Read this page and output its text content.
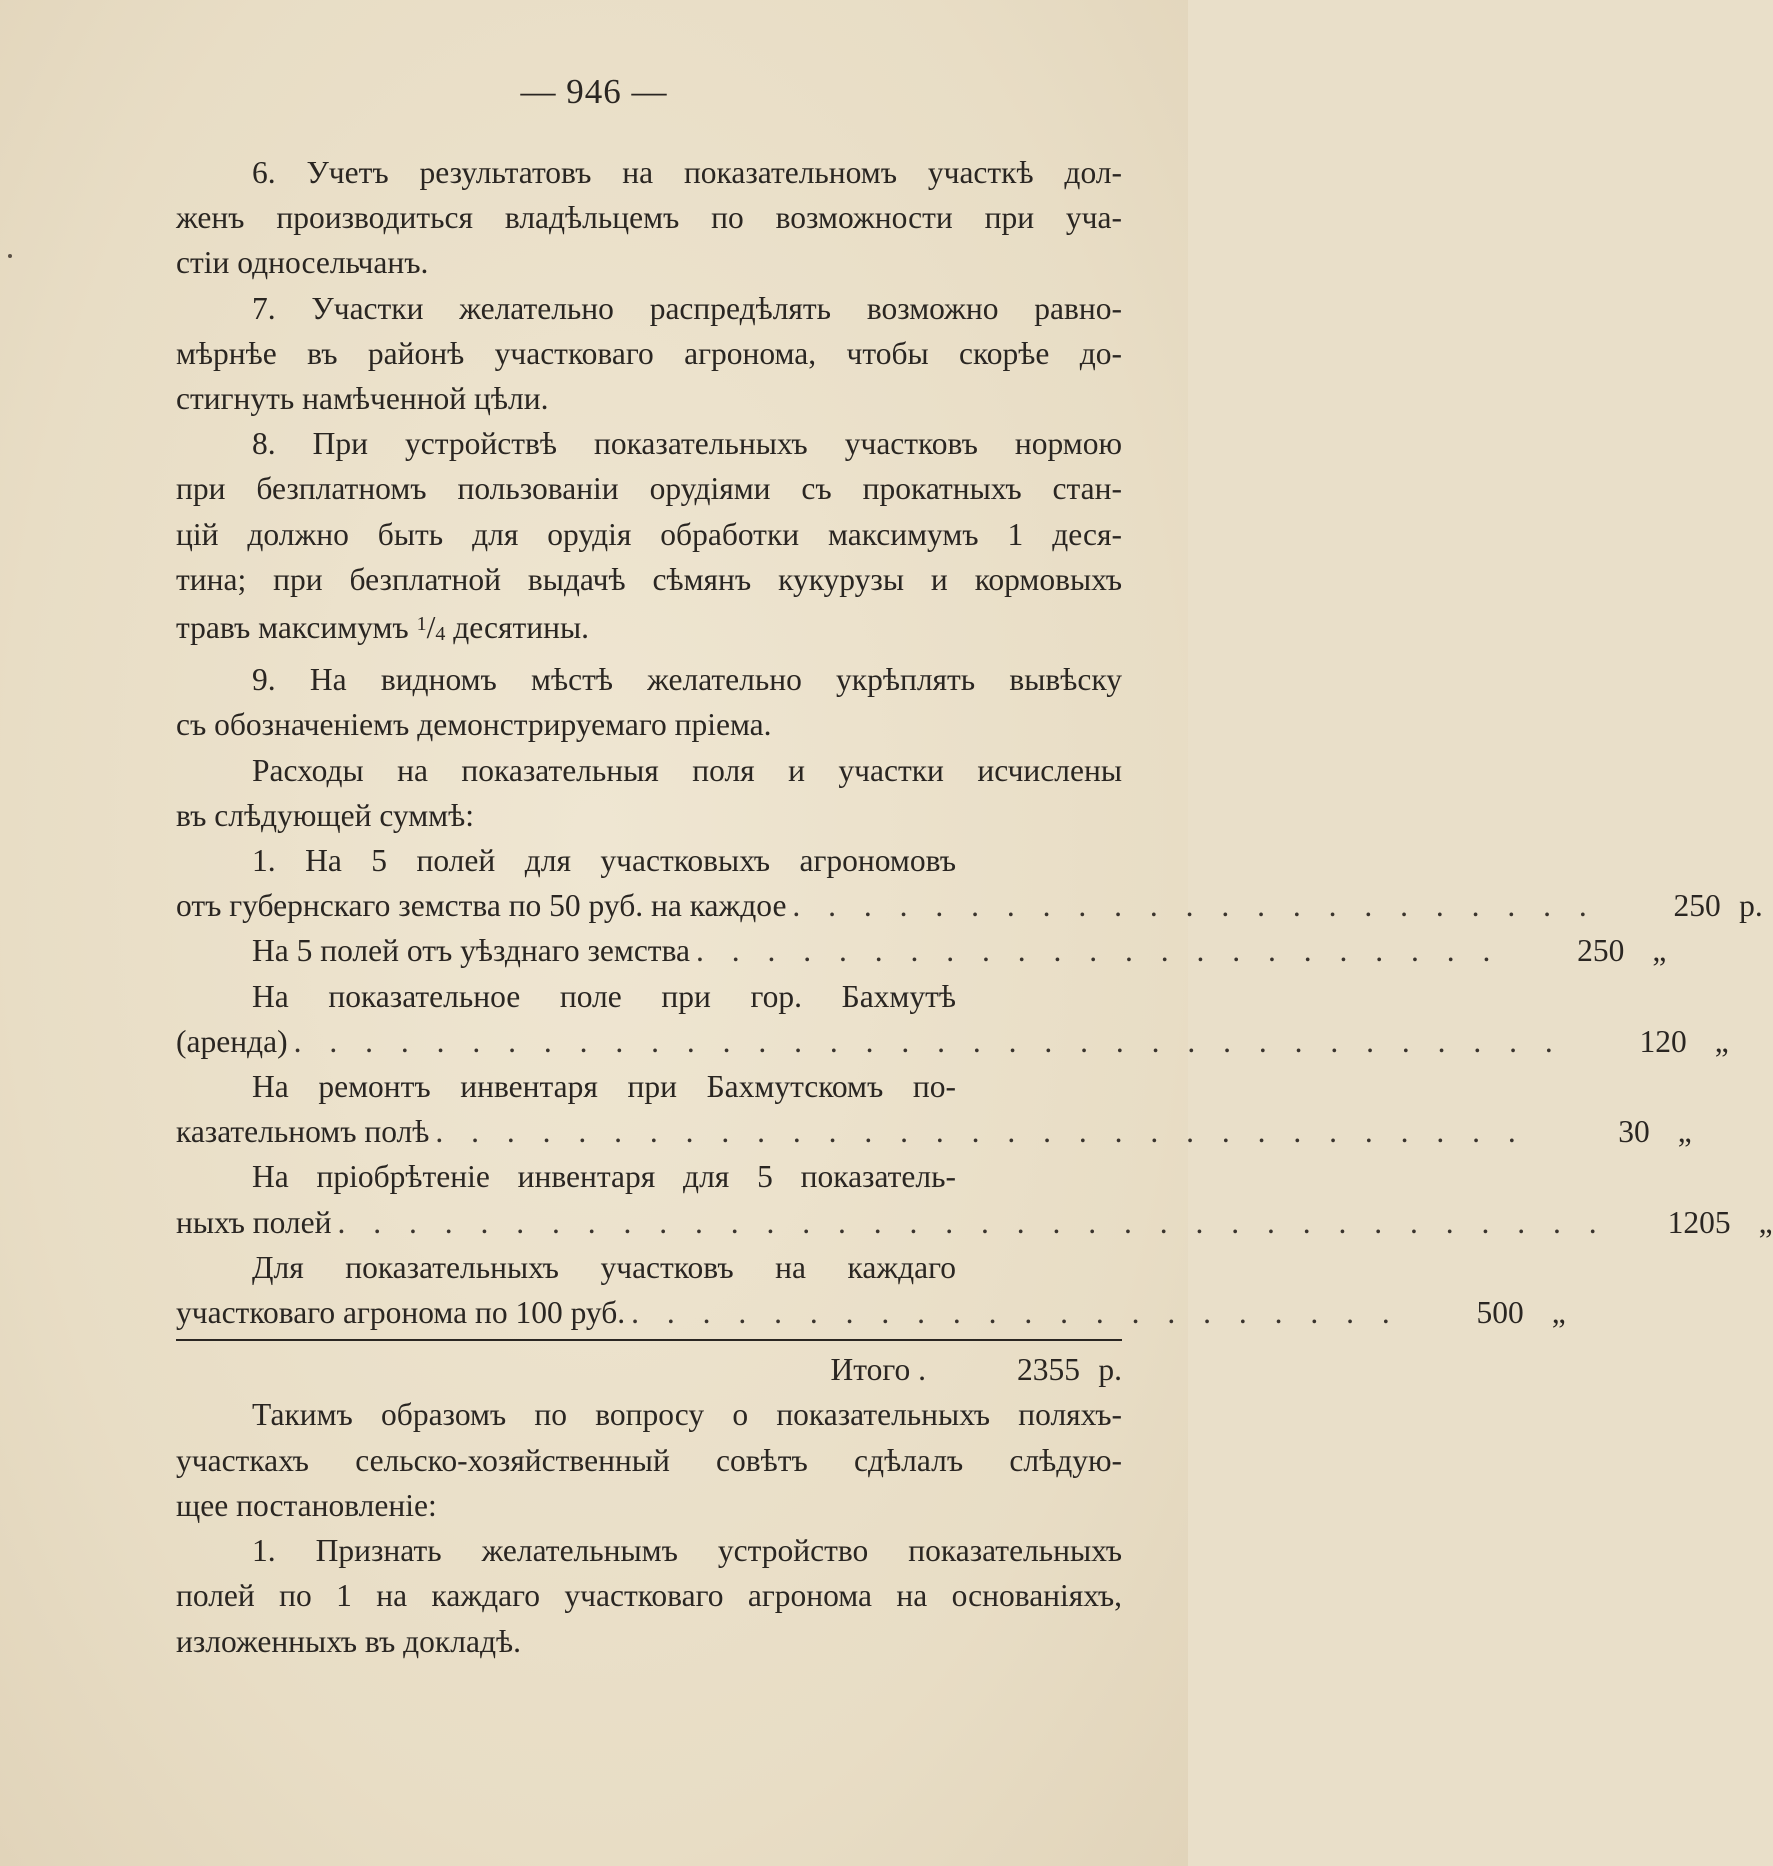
— 946 —
6. Учетъ результатовъ на показательномъ участкѣ дол-
женъ производиться владѣльцемъ по возможности при уча-
стіи односельчанъ.
7. Участки желательно распредѣлять возможно равно-
мѣрнѣе въ районѣ участковаго агронома, чтобы скорѣе до-
стигнуть намѣченной цѣли.
8. При устройствѣ показательныхъ участковъ нормою
при безплатномъ пользованіи орудіями съ прокатныхъ стан-
цій должно быть для орудія обработки максимумъ 1 деся-
тина; при безплатной выдачѣ сѣмянъ кукурузы и кормовыхъ
травъ максимумъ $^1/_4$ десятины.
9. На видномъ мѣстѣ желательно укрѣплять вывѣску
съ обозначеніемъ демонстрируемаго пріема.
Расходы на показательныя поля и участки исчислены
въ слѣдующей суммѣ:
1. На 5 полей для участковыхъ агрономовъ
отъ губернскаго земства по 50 руб. на каждое . . . . . . . . . . . . . . . . . . . . . . .	250 р.
На 5 полей отъ уѣзднаго земства . . . . . . . . . . . . . . . . . . . . . . .	250 „
На показательное поле при гор. Бахмутѣ
(аренда) . . . . . . . . . . . . . . . . . . . . . . . . . . . . . . . . . . . .	120 „
На ремонтъ инвентаря при Бахмутскомъ по-
казательномъ полѣ . . . . . . . . . . . . . . . . . . . . . . . . . . . . . . .	30 „
На пріобрѣтеніе инвентаря для 5 показатель-
ныхъ полей . . . . . . . . . . . . . . . . . . . . . . . . . . . . . . . . . . . .	1205 „
Для показательныхъ участковъ на каждаго
участковаго агронома по 100 руб. . . . . . . . . . . . . . . . . . . . . . .	500 „
Итого .	2355 р.
Такимъ образомъ по вопросу о показательныхъ поляхъ-
участкахъ сельско-хозяйственный совѣтъ сдѣлалъ слѣдую-
щее постановленіе:
1. Признать желательнымъ устройство показательныхъ
полей по 1 на каждаго участковаго агронома на основаніяхъ,
изложенныхъ въ докладѣ.
